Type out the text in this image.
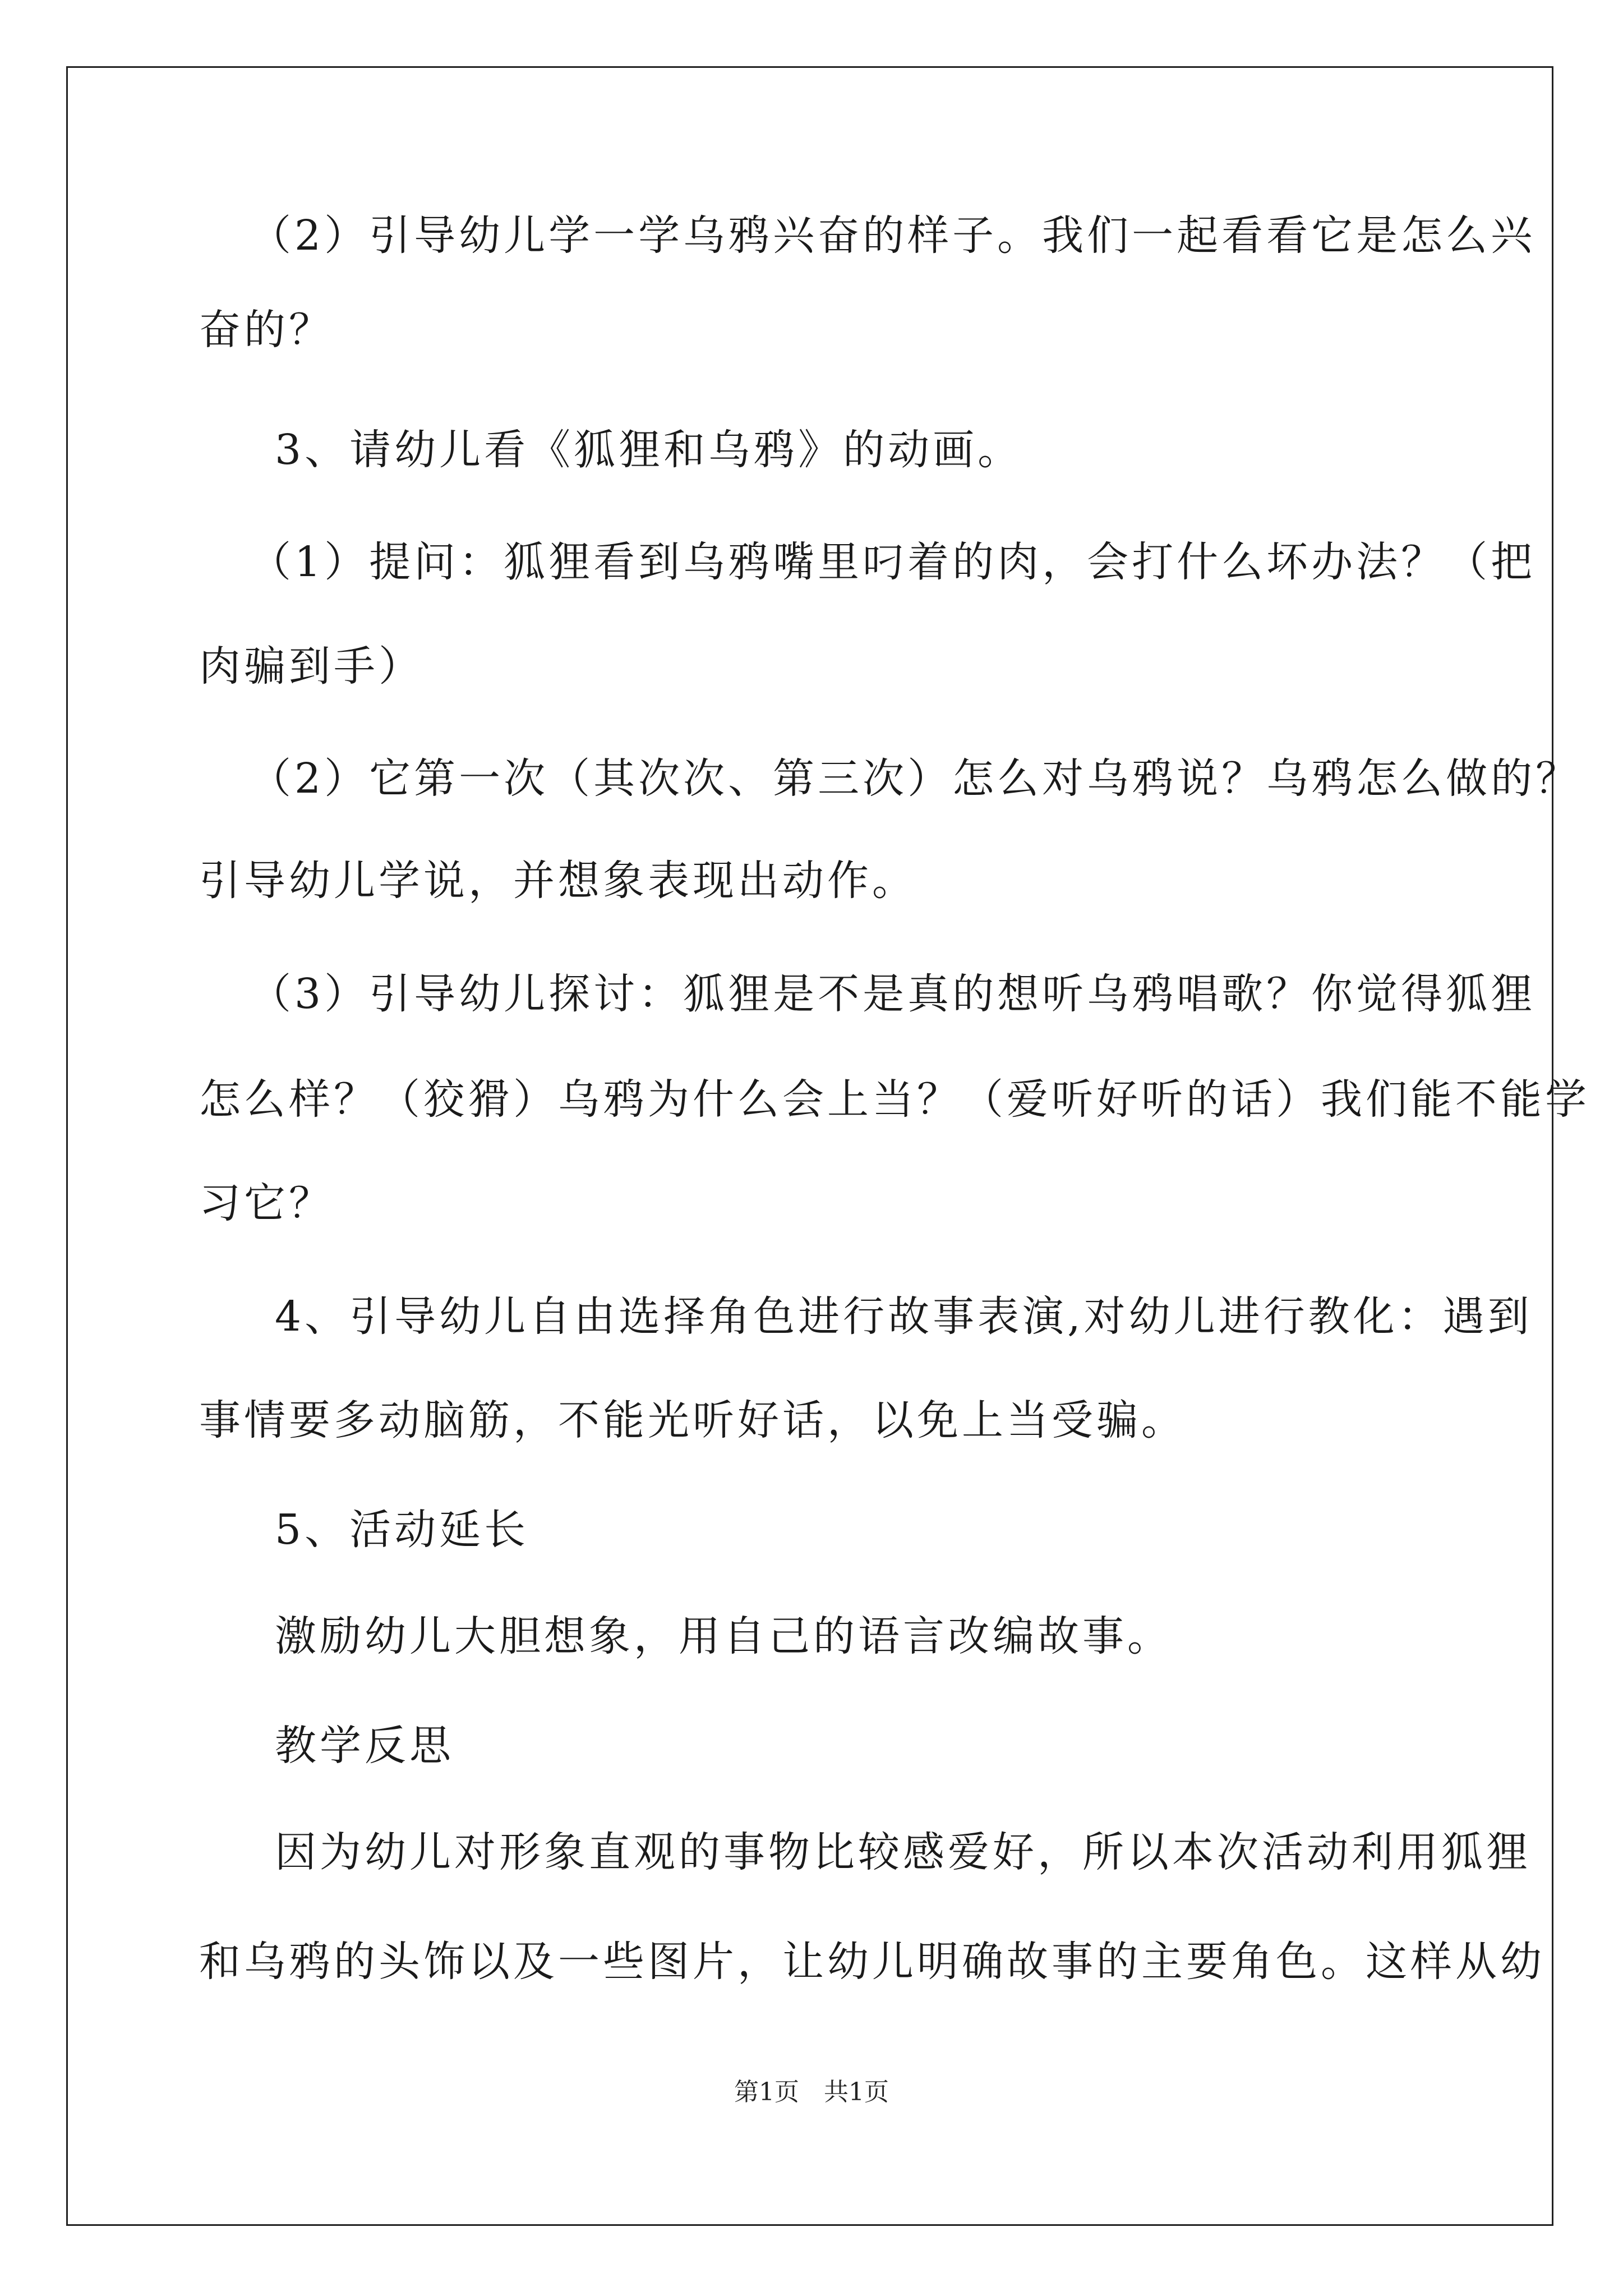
（2）引导幼儿学一学乌鸦兴奋的样子。我们一起看看它是怎么兴
奋的？
3、请幼儿看《狐狸和乌鸦》的动画。
（1）提问：狐狸看到乌鸦嘴里叼着的肉，会打什么坏办法？（把
肉骗到手）
（2）它第一次（其次次、第三次）怎么对乌鸦说？乌鸦怎么做的？
引导幼儿学说，并想象表现出动作。
（3）引导幼儿探讨：狐狸是不是真的想听乌鸦唱歌？你觉得狐狸
怎么样？（狡猾）乌鸦为什么会上当？（爱听好听的话）我们能不能学
习它？
4、引导幼儿自由选择角色进行故事表演,对幼儿进行教化：遇到
事情要多动脑筋，不能光听好话，以免上当受骗。
5、活动延长
激励幼儿大胆想象，用自己的语言改编故事。
教学反思
因为幼儿对形象直观的事物比较感爱好，所以本次活动利用狐狸
和乌鸦的头饰以及一些图片，让幼儿明确故事的主要角色。这样从幼
第1页　共1页
